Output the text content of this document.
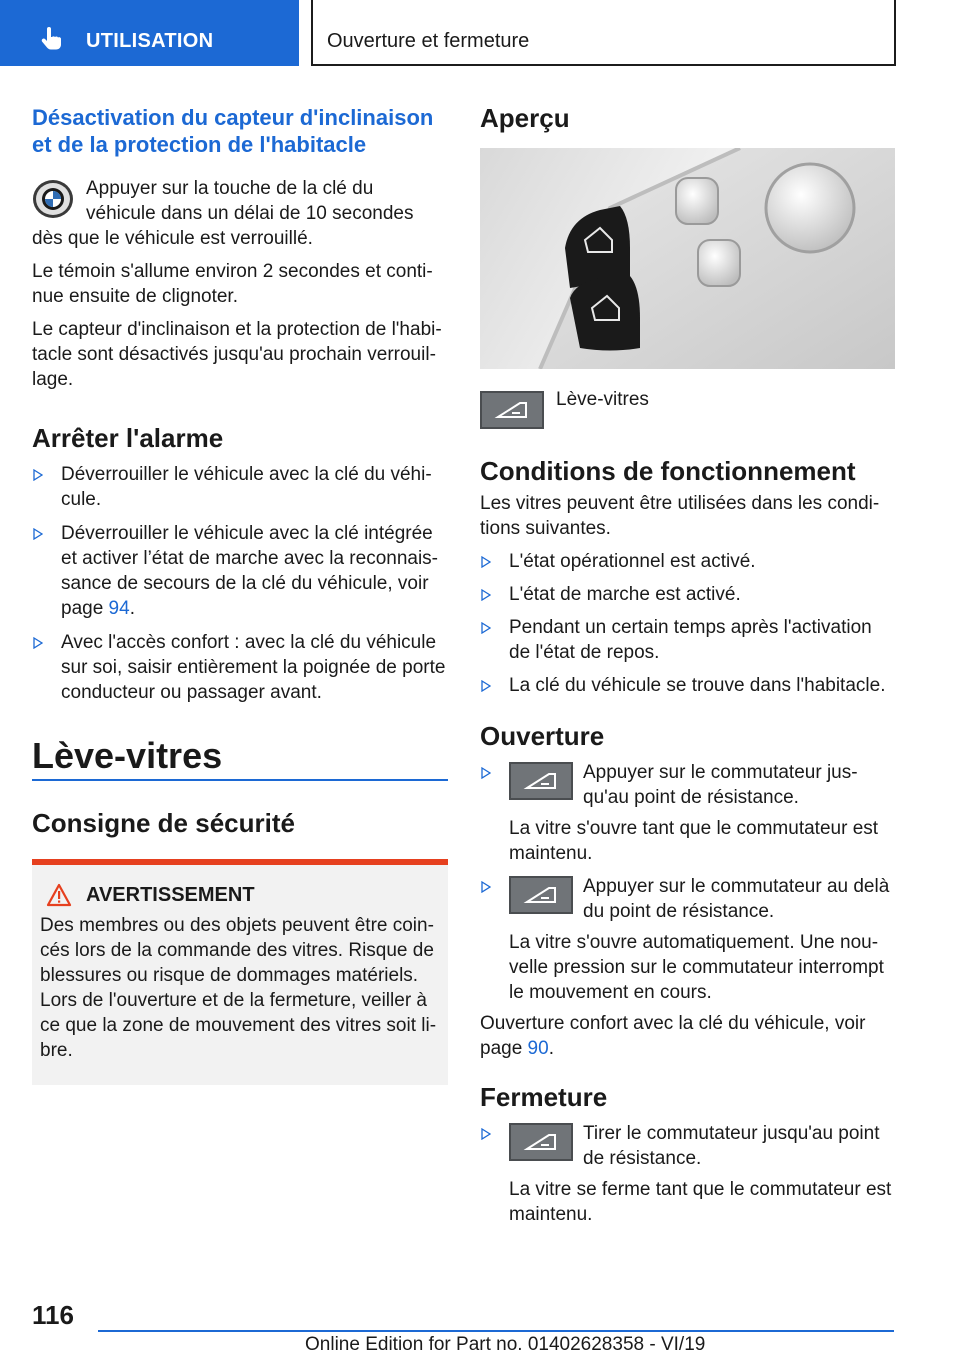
UTILISATION	Ouverture et fermeture
Désactivation du capteur d'inclinaison et de la protection de l'habitacle
Appuyer sur la touche de la clé du véhicule dans un délai de 10 secondes dès que le véhicule est verrouillé.

Le témoin s'allume environ 2 secondes et conti-nue ensuite de clignoter.

Le capteur d'inclinaison et la protection de l'habi-tacle sont désactivés jusqu'au prochain verrouil-lage.

Arrêter l'alarme
Déverrouiller le véhicule avec la clé du véhi-cule.
Déverrouiller le véhicule avec la clé intégrée et activer l’état de marche avec la reconnais-sance de secours de la clé du véhicule, voir page 94.
Avec l'accès confort : avec la clé du véhicule sur soi, saisir entièrement la poignée de porte conducteur ou passager avant.
Lève-vitres
Consigne de sécurité
AVERTISSEMENT

Des membres ou des objets peuvent être coin-cés lors de la commande des vitres. Risque de blessures ou risque de dommages matériels. Lors de l'ouverture et de la fermeture, veiller à ce que la zone de mouvement des vitres soit li-bre.

Aperçu
Lève-vitres
Conditions de fonctionnement

Les vitres peuvent être utilisées dans les condi-tions suivantes.

L'état opérationnel est activé.
L'état de marche est activé.
Pendant un certain temps après l'activation de l'état de repos.
La clé du véhicule se trouve dans l'habitacle.
Ouverture
Appuyer sur le commutateur jus-qu'au point de résistance.

La vitre s'ouvre tant que le commutateur est maintenu.

Appuyer sur le commutateur au delà du point de résistance.

La vitre s'ouvre automatiquement. Une nou-velle pression sur le commutateur interrompt le mouvement en cours.

Ouverture confort avec la clé du véhicule, voir page 90.

Fermeture
Tirer le commutateur jusqu'au point de résistance.

La vitre se ferme tant que le commutateur est maintenu.

116
Online Edition for Part no. 01402628358 - VI/19
